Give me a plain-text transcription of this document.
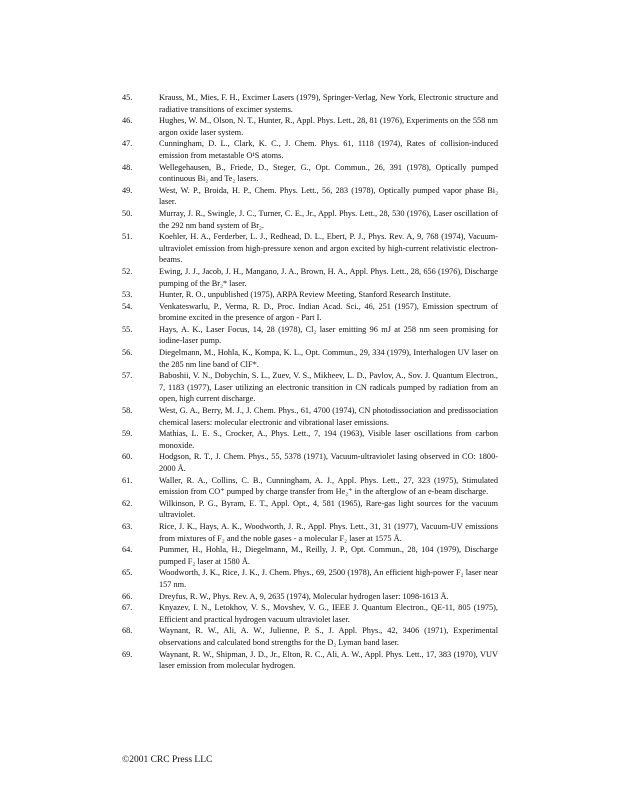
45.	Krauss, M., Mies, F. H., Excimer Lasers (1979), Springer-Verlag, New York, Electronic structure and radiative transitions of excimer systems.
46.	Hughes, W. M., Olson, N. T., Hunter, R., Appl. Phys. Lett., 28, 81 (1976), Experiments on the 558 nm argon oxide laser system.
47.	Cunningham, D. L., Clark, K. C., J. Chem. Phys. 61, 1118 (1974), Rates of collision-induced emission from metastable O¹S atoms.
48.	Wellegehausen, B., Friede, D., Steger, G., Opt. Commun., 26, 391 (1978), Optically pumped continuous Bi₂ and Te₂ lasers.
49.	West, W. P., Broida, H. P., Chem. Phys. Lett., 56, 283 (1978), Optically pumped vapor phase Bi₂ laser.
50.	Murray, J. R., Swingle, J. C., Turner, C. E., Jr., Appl. Phys. Lett., 28, 530 (1976), Laser oscillation of the 292 nm band system of Br₂.
51.	Koehler, H. A., Ferderber, L. J., Redhead, D. L., Ebert, P. J., Phys. Rev. A, 9, 768 (1974), Vacuum-ultraviolet emission from high-pressure xenon and argon excited by high-current relativistic electron-beams.
52.	Ewing, J. J., Jacob, J. H., Mangano, J. A., Brown, H. A., Appl. Phys. Lett., 28, 656 (1976), Discharge pumping of the Br₂* laser.
53.	Hunter, R. O., unpublished (1975), ARPA Review Meeting, Stanford Research Institute.
54.	Venkateswarlu, P., Verma, R. D., Proc. Indian Acad. Sci., 46, 251 (1957), Emission spectrum of bromine excited in the presence of argon - Part I.
55.	Hays, A. K., Laser Focus, 14, 28 (1978), Cl₂ laser emitting 96 mJ at 258 nm seen promising for iodine-laser pump.
56.	Diegelmann, M., Hohla, K., Kompa, K. L., Opt. Commun., 29, 334 (1979), Interhalogen UV laser on the 285 nm line band of ClF*.
57.	Baboshii, V. N., Dobychin, S. L., Zuev, V. S., Mikheev, L. D., Pavlov, A., Sov. J. Quantum Electron., 7, 1183 (1977), Laser utilizing an electronic transition in CN radicals pumped by radiation from an open, high current discharge.
58.	West, G. A., Berry, M. J., J. Chem. Phys., 61, 4700 (1974), CN photodissociation and predissociation chemical lasers: molecular electronic and vibrational laser emissions.
59.	Mathias, L. E. S., Crocker, A., Phys. Lett., 7, 194 (1963), Visible laser oscillations from carbon monoxide.
60.	Hodgson, R. T., J. Chem. Phys., 55, 5378 (1971), Vacuum-ultraviolet lasing observed in CO: 1800-2000 Å.
61.	Waller, R. A., Collins, C. B., Cunningham, A. J., Appl. Phys. Lett., 27, 323 (1975), Stimulated emission from CO⁺ pumped by charge transfer from He₂⁺ in the afterglow of an e-beam discharge.
62.	Wilkinson, P. G., Byram, E. T., Appl. Opt., 4, 581 (1965), Rare-gas light sources for the vacuum ultraviolet.
63.	Rice, J. K., Hays, A. K., Woodworth, J. R., Appl. Phys. Lett., 31, 31 (1977), Vacuum-UV emissions from mixtures of F₂ and the noble gases - a molecular F₂ laser at 1575 Å.
64.	Pummer, H., Hohla, H., Diegelmann, M., Reilly, J. P., Opt. Commun., 28, 104 (1979), Discharge pumped F₂ laser at 1580 Å.
65.	Woodworth, J. K., Rice, J. K., J. Chem. Phys., 69, 2500 (1978), An efficient high-power F₂ laser near 157 nm.
66.	Dreyfus, R. W., Phys. Rev. A, 9, 2635 (1974), Molecular hydrogen laser: 1098-1613 Å.
67.	Knyazev, I. N., Letokhov, V. S., Movshev, V. G., IEEE J. Quantum Electron., QE-11, 805 (1975), Efficient and practical hydrogen vacuum ultraviolet laser.
68.	Waynant, R. W., Ali, A. W., Julienne, P. S., J. Appl. Phys., 42, 3406 (1971), Experimental observations and calculated bond strengths for the D₂ Lyman band laser.
69.	Waynant, R. W., Shipman, J. D., Jr., Elton, R. C., Ali, A. W., Appl. Phys. Lett., 17, 383 (1970), VUV laser emission from molecular hydrogen.
©2001 CRC Press LLC
